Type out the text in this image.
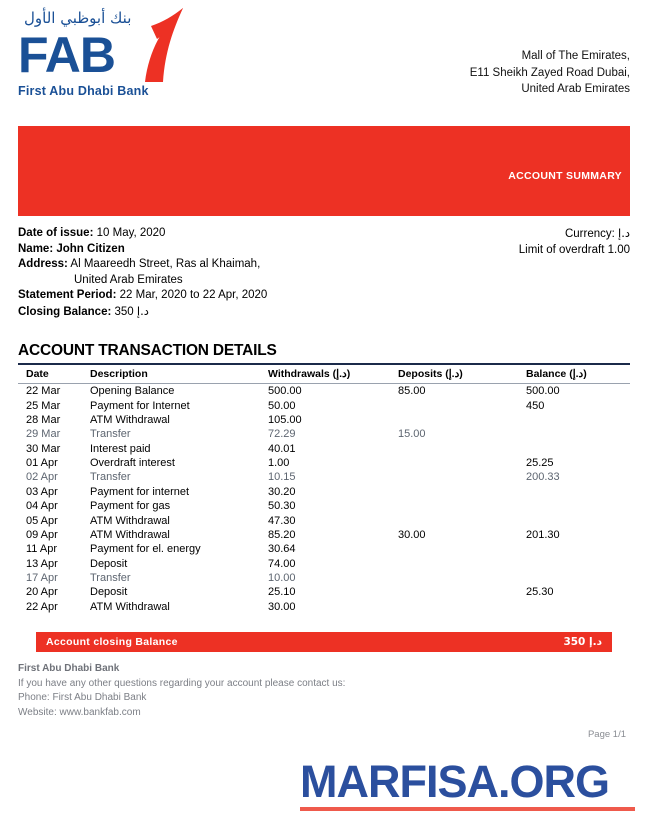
بنك أبوظبي الأول
FAB
First Abu Dhabi Bank
Mall of The Emirates,
E11 Sheikh Zayed Road Dubai,
United Arab Emirates
ACCOUNT SUMMARY
Date of issue: 10 May, 2020
Name: John Citizen
Address: Al Maareedh Street, Ras al Khaimah,
United Arab Emirates
Statement Period: 22 Mar, 2020 to 22 Apr, 2020
Closing Balance: 350 د.إ
Currency: د.إ
Limit of overdraft 1.00
ACCOUNT TRANSACTION DETAILS
Date	Description	Withdrawals (د.إ)	Deposits (د.إ)	Balance (د.إ)
22 Mar	Opening Balance	500.00	85.00	500.00
25 Mar	Payment for Internet	50.00		450
28 Mar	ATM Withdrawal	105.00		
29 Mar	Transfer	72.29	15.00	
30 Mar	Interest paid	40.01		
01 Apr	Overdraft interest	1.00		25.25
02 Apr	Transfer	10.15		200.33
03 Apr	Payment for internet	30.20		
04 Apr	Payment for gas	50.30		
05 Apr	ATM Withdrawal	47.30		
09 Apr	ATM Withdrawal	85.20	30.00	201.30
11 Apr	Payment for el. energy	30.64		
13 Apr	Deposit	74.00		
17 Apr	Transfer	10.00		
20 Apr	Deposit	25.10		25.30
22 Apr	ATM Withdrawal	30.00		
Account closing Balance	د.إ 350
First Abu Dhabi Bank
If you have any other questions regarding your account please contact us:
Phone: First Abu Dhabi Bank
Website: www.bankfab.com
Page 1/1
MARFISA.ORG
